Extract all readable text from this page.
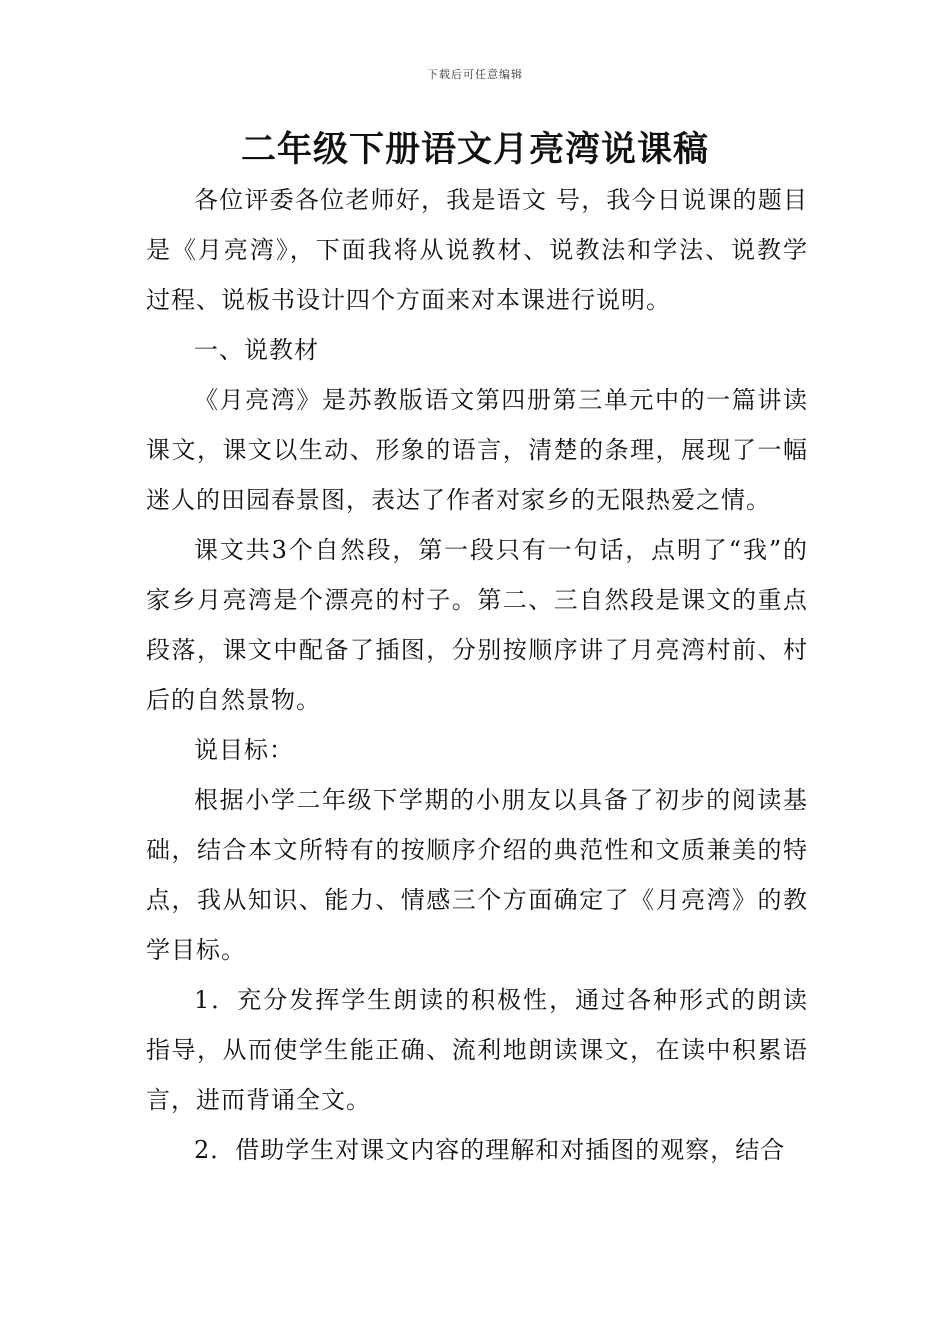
下载后可任意编辑
二年级下册语文月亮湾说课稿

各位评委各位老师好，我是语文 号，我今日说课的题目是《月亮湾》，下面我将从说教材、说教法和学法、说教学过程、说板书设计四个方面来对本课进行说明。

一、说教材

《月亮湾》是苏教版语文第四册第三单元中的一篇讲读课文，课文以生动、形象的语言，清楚的条理，展现了一幅迷人的田园春景图，表达了作者对家乡的无限热爱之情。

课文共3个自然段，第一段只有一句话，点明了“我”的家乡月亮湾是个漂亮的村子。第二、三自然段是课文的重点段落，课文中配备了插图，分别按顺序讲了月亮湾村前、村后的自然景物。

说目标：

根据小学二年级下学期的小朋友以具备了初步的阅读基础，结合本文所特有的按顺序介绍的典范性和文质兼美的特点，我从知识、能力、情感三个方面确定了《月亮湾》的教学目标。

1．充分发挥学生朗读的积极性，通过各种形式的朗读指导，从而使学生能正确、流利地朗读课文，在读中积累语言，进而背诵全文。

2．借助学生对课文内容的理解和对插图的观察，结合
